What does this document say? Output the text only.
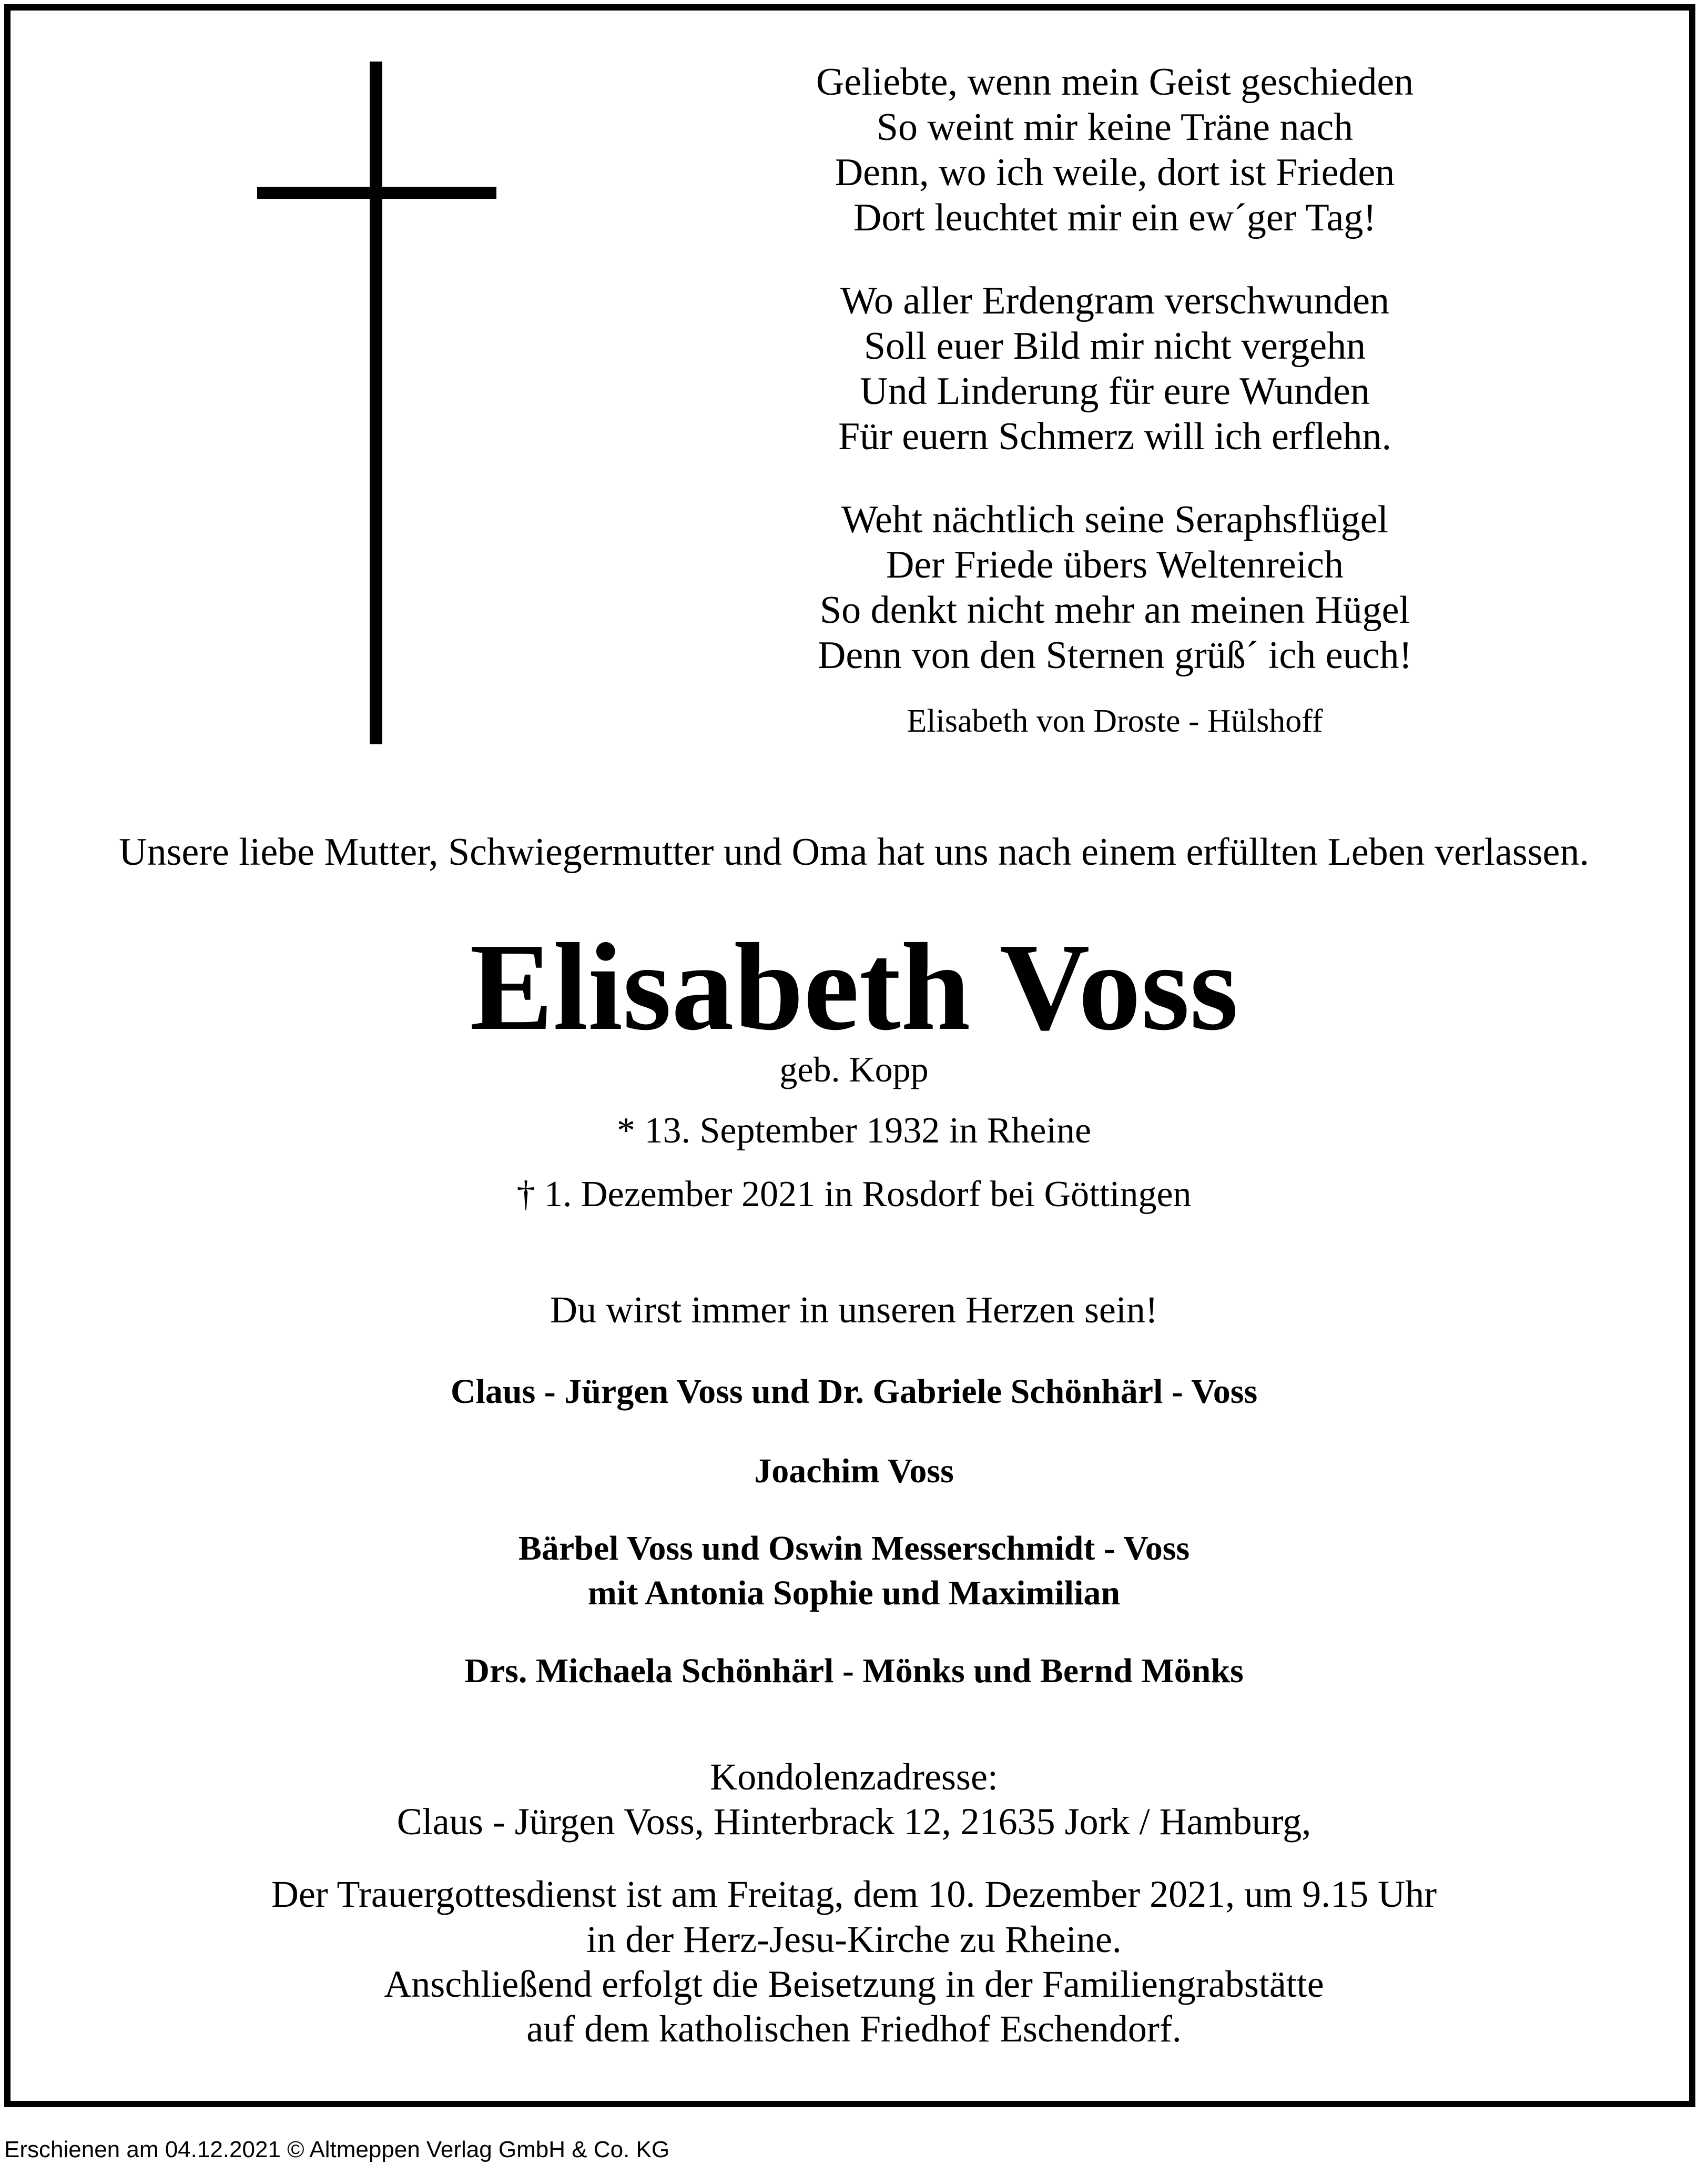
Geliebte, wenn mein Geist geschieden
So weint mir keine Träne nach
Denn, wo ich weile, dort ist Frieden
Dort leuchtet mir ein ew´ger Tag!
Wo aller Erdengram verschwunden
Soll euer Bild mir nicht vergehn
Und Linderung für eure Wunden
Für euern Schmerz will ich erflehn.
Weht nächtlich seine Seraphsflügel
Der Friede übers Weltenreich
So denkt nicht mehr an meinen Hügel
Denn von den Sternen grüß´ ich euch!
Elisabeth von Droste - Hülshoff
Unsere liebe Mutter, Schwiegermutter und Oma hat uns nach einem erfüllten Leben verlassen.
Elisabeth Voss
geb. Kopp
* 13. September 1932 in Rheine
† 1. Dezember 2021 in Rosdorf bei Göttingen
Du wirst immer in unseren Herzen sein!
Claus - Jürgen Voss und Dr. Gabriele Schönhärl - Voss
Joachim Voss
Bärbel Voss und Oswin Messerschmidt - Voss
mit Antonia Sophie und Maximilian
Drs. Michaela Schönhärl - Mönks und Bernd Mönks
Kondolenzadresse:
Claus - Jürgen Voss, Hinterbrack 12, 21635 Jork / Hamburg,
Der Trauergottesdienst ist am Freitag, dem 10. Dezember 2021, um 9.15 Uhr
in der Herz-Jesu-Kirche zu Rheine.
Anschließend erfolgt die Beisetzung in der Familiengrabstätte
auf dem katholischen Friedhof Eschendorf.
Erschienen am 04.12.2021 © Altmeppen Verlag GmbH & Co. KG
